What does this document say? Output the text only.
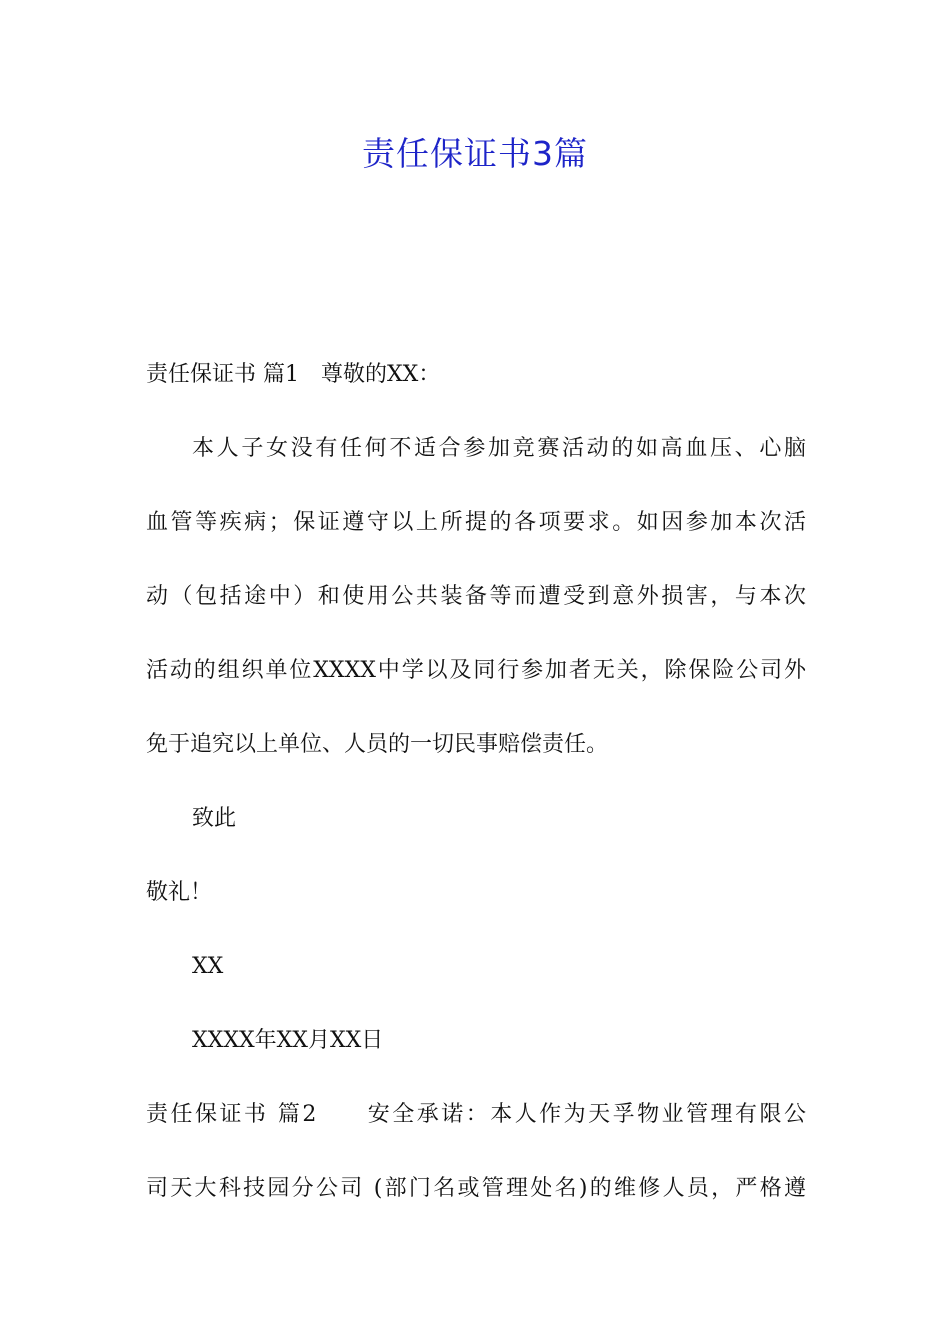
责任保证书3篇
责任保证书 篇1　尊敬的XX：
本人子女没有任何不适合参加竞赛活动的如高血压、心脑
血管等疾病；保证遵守以上所提的各项要求。如因参加本次活
动（包括途中）和使用公共装备等而遭受到意外损害，与本次
活动的组织单位XXXX中学以及同行参加者无关，除保险公司外
免于追究以上单位、人员的一切民事赔偿责任。
致此
敬礼！
XX
XXXX年XX月XX日
责任保证书 篇2　　安全承诺：本人作为天孚物业管理有限公
司天大科技园分公司 (部门名或管理处名)的维修人员，严格遵
